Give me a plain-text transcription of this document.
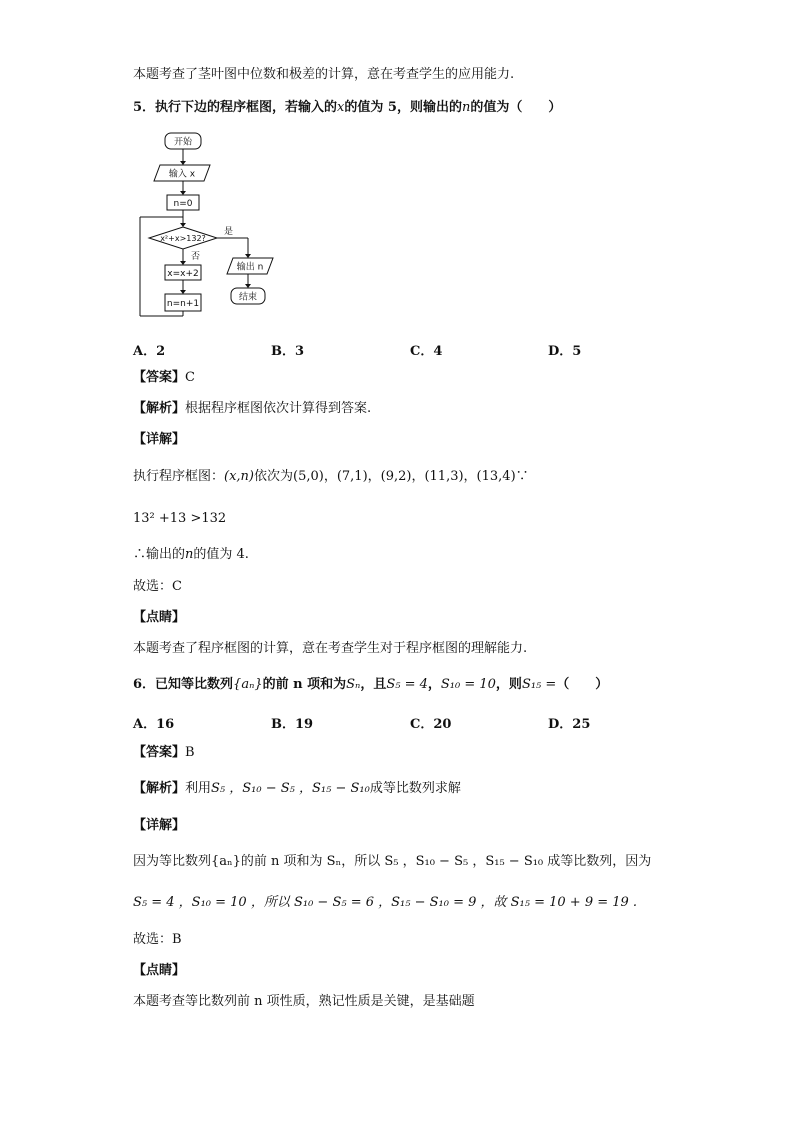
本题考查了茎叶图中位数和极差的计算，意在考查学生的应用能力.
5．执行下边的程序框图，若输入的x的值为 5，则输出的n的值为（　　）
开始
输入 x
n=0
x²+x>132?
是
输出 n
结束
否
x=x+2
n=n+1
A．2	B．3	C．4	D．5
【答案】C
【解析】根据程序框图依次计算得到答案.
【详解】
执行程序框图：(x,n)依次为(5,0)，(7,1)，(9,2)，(11,3)，(13,4)∵
13² +13 >132
∴输出的n的值为 4.
故选：C
【点睛】
本题考查了程序框图的计算，意在考查学生对于程序框图的理解能力.
6．已知等比数列{aₙ}的前 n 项和为Sₙ，且S₅ = 4，S₁₀ = 10，则S₁₅ =（　　）
A．16	B．19	C．20	D．25
【答案】B
【解析】利用S₅ ，S₁₀ − S₅ ，S₁₅ − S₁₀成等比数列求解
【详解】
因为等比数列{aₙ}的前 n 项和为 Sₙ，所以 S₅ ，S₁₀ − S₅ ，S₁₅ − S₁₀ 成等比数列，因为
S₅ = 4 ，S₁₀ = 10 ，所以 S₁₀ − S₅ = 6 ，S₁₅ − S₁₀ = 9 ，故 S₁₅ = 10 + 9 = 19 .
故选：B
【点睛】
本题考查等比数列前 n 项性质，熟记性质是关键，是基础题
